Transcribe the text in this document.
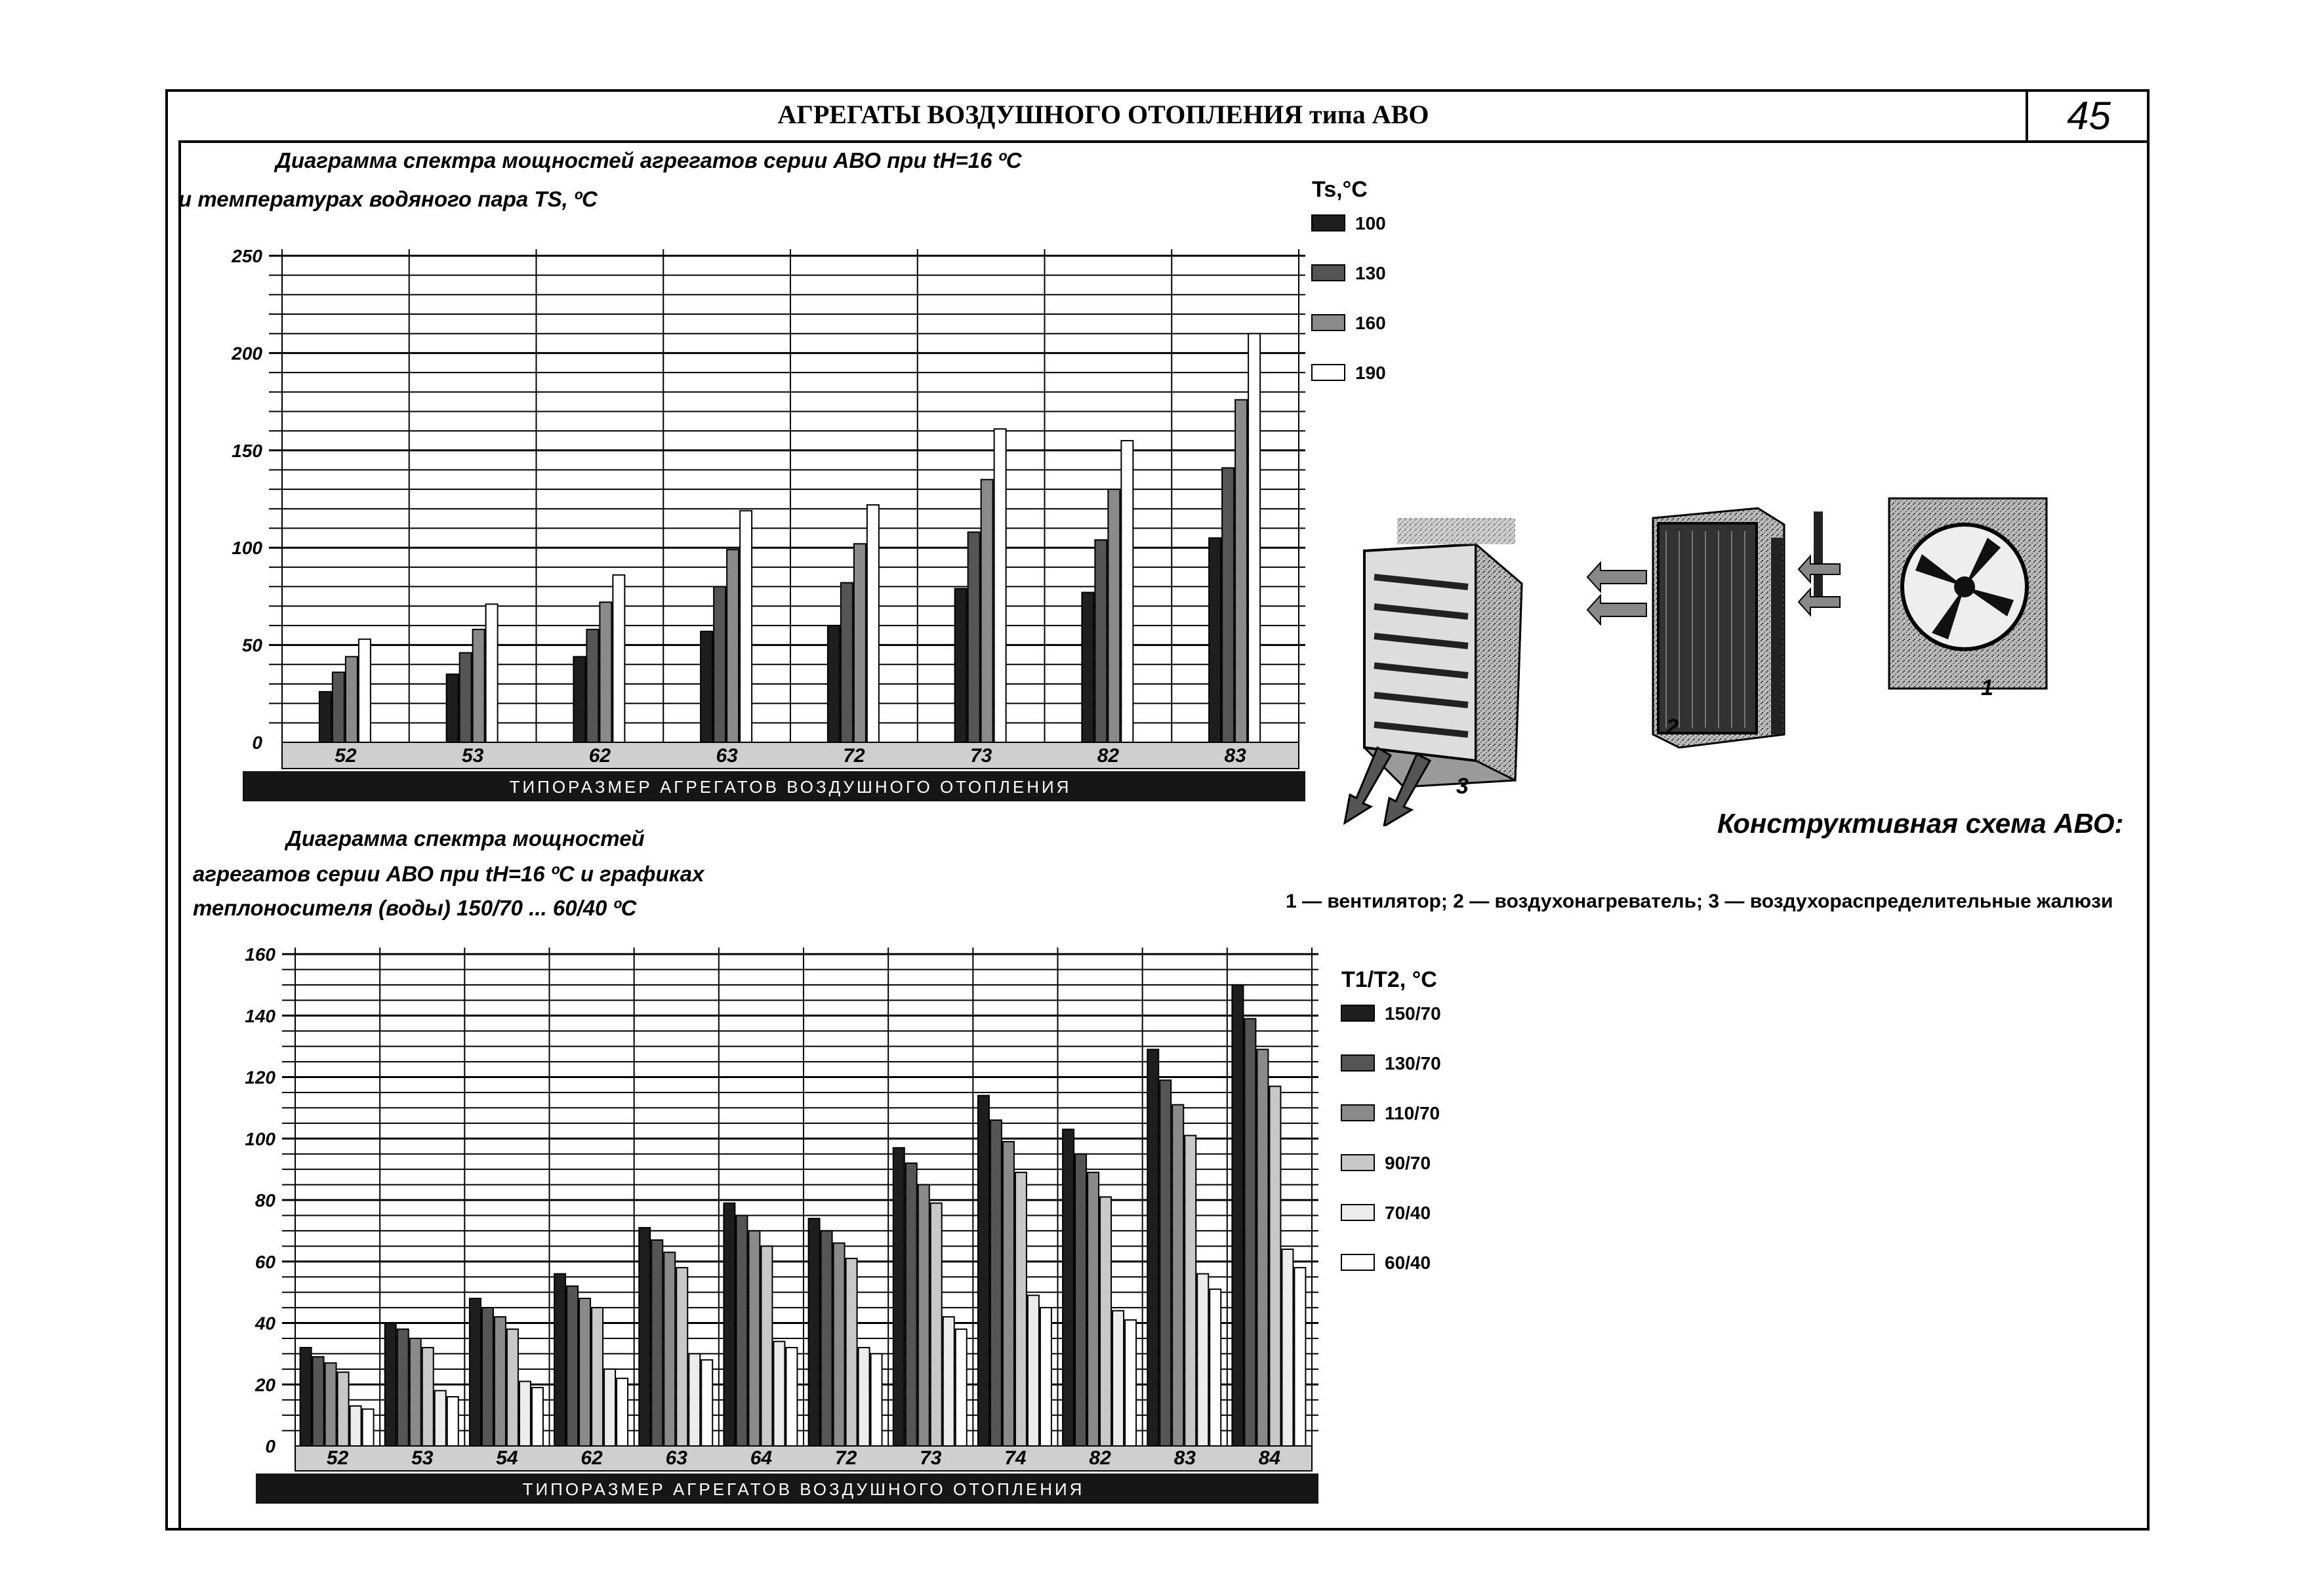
АГРЕГАТЫ ВОЗДУШНОГО ОТОПЛЕНИЯ типа АВО	45
Диаграмма спектра мощностей агрегатов серии АВО при tН=16 ºС
и температурах водяного пара TS, ºС
Диаграмма спектра мощностей
агрегатов серии АВО при tН=16 ºС и графиках
теплоносителя (воды) 150/70 ... 60/40 ºС
Конструктивная схема АВО:
1 — вентилятор; 2 — воздухонагреватель; 3 — воздухораспределительные жалюзи
0
50
100
150
200
250
52	53	62	63	72	73	82	83
ТИПОРАЗМЕР АГРЕГАТОВ ВОЗДУШНОГО ОТОПЛЕНИЯ
Ts,°C
100
130
160
190
0
20
40
60
80
100
120
140
160
52	53	54	62	63	64	72	73	74	82	83	84
ТИПОРАЗМЕР АГРЕГАТОВ ВОЗДУШНОГО ОТОПЛЕНИЯ
T1/T2, °C
150/70
130/70
110/70
90/70
70/40
60/40
1
2
3
